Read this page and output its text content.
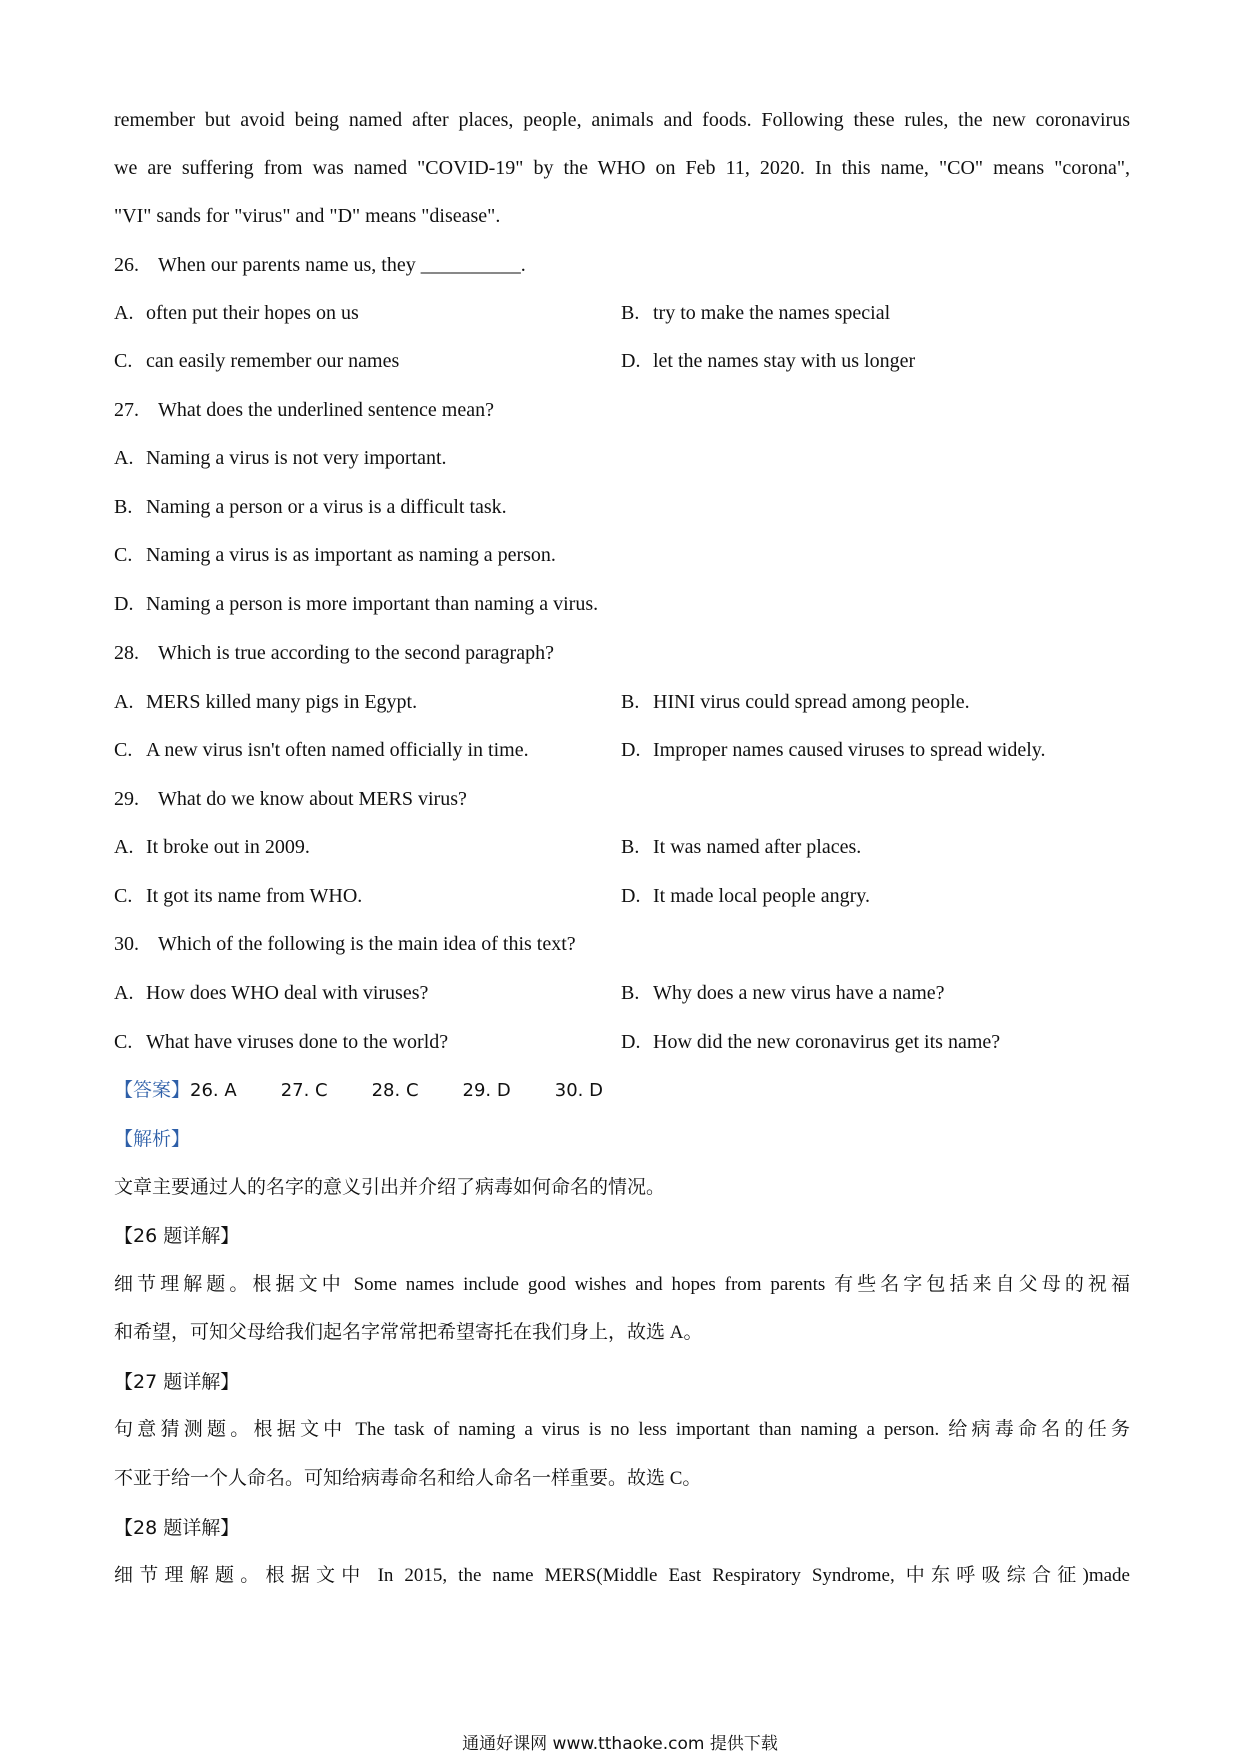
remember but avoid being named after places, people, animals and foods. Following these rules, the new coronavirus
we are suffering from was named "COVID-19" by the WHO on Feb 11, 2020. In this name, "CO" means "corona",
"VI" sands for "virus" and "D" means "disease".
26. When our parents name us, they __________.
A. often put their hopes on us	B. try to make the names special
C. can easily remember our names	D. let the names stay with us longer
27. What does the underlined sentence mean?
A. Naming a virus is not very important.
B. Naming a person or a virus is a difficult task.
C. Naming a virus is as important as naming a person.
D. Naming a person is more important than naming a virus.
28. Which is true according to the second paragraph?
A. MERS killed many pigs in Egypt.	B. HINI virus could spread among people.
C. A new virus isn't often named officially in time.	D. Improper names caused viruses to spread widely.
29. What do we know about MERS virus?
A. It broke out in 2009.	B. It was named after places.
C. It got its name from WHO.	D. It made local people angry.
30. Which of the following is the main idea of this text?
A. How does WHO deal with viruses?	B. Why does a new virus have a name?
C. What have viruses done to the world?	D. How did the new coronavirus get its name?
【答案】26. A 27. C 28. C 29. D 30. D
【解析】
文章主要通过人的名字的意义引出并介绍了病毒如何命名的情况。
【26 题详解】
细节理解题。根据文中 Some names include good wishes and hopes from parents 有些名字包括来自父母的祝福
和希望，可知父母给我们起名字常常把希望寄托在我们身上，故选 A。
【27 题详解】
句意猜测题。根据文中 The task of naming a virus is no less important than naming a person. 给病毒命名的任务
不亚于给一个人命名。可知给病毒命名和给人命名一样重要。故选 C。
【28 题详解】
细节理解题。根据文中 In 2015, the name MERS(Middle East Respiratory Syndrome, 中东呼吸综合征)made
通通好课网 www.tthaoke.com 提供下载
